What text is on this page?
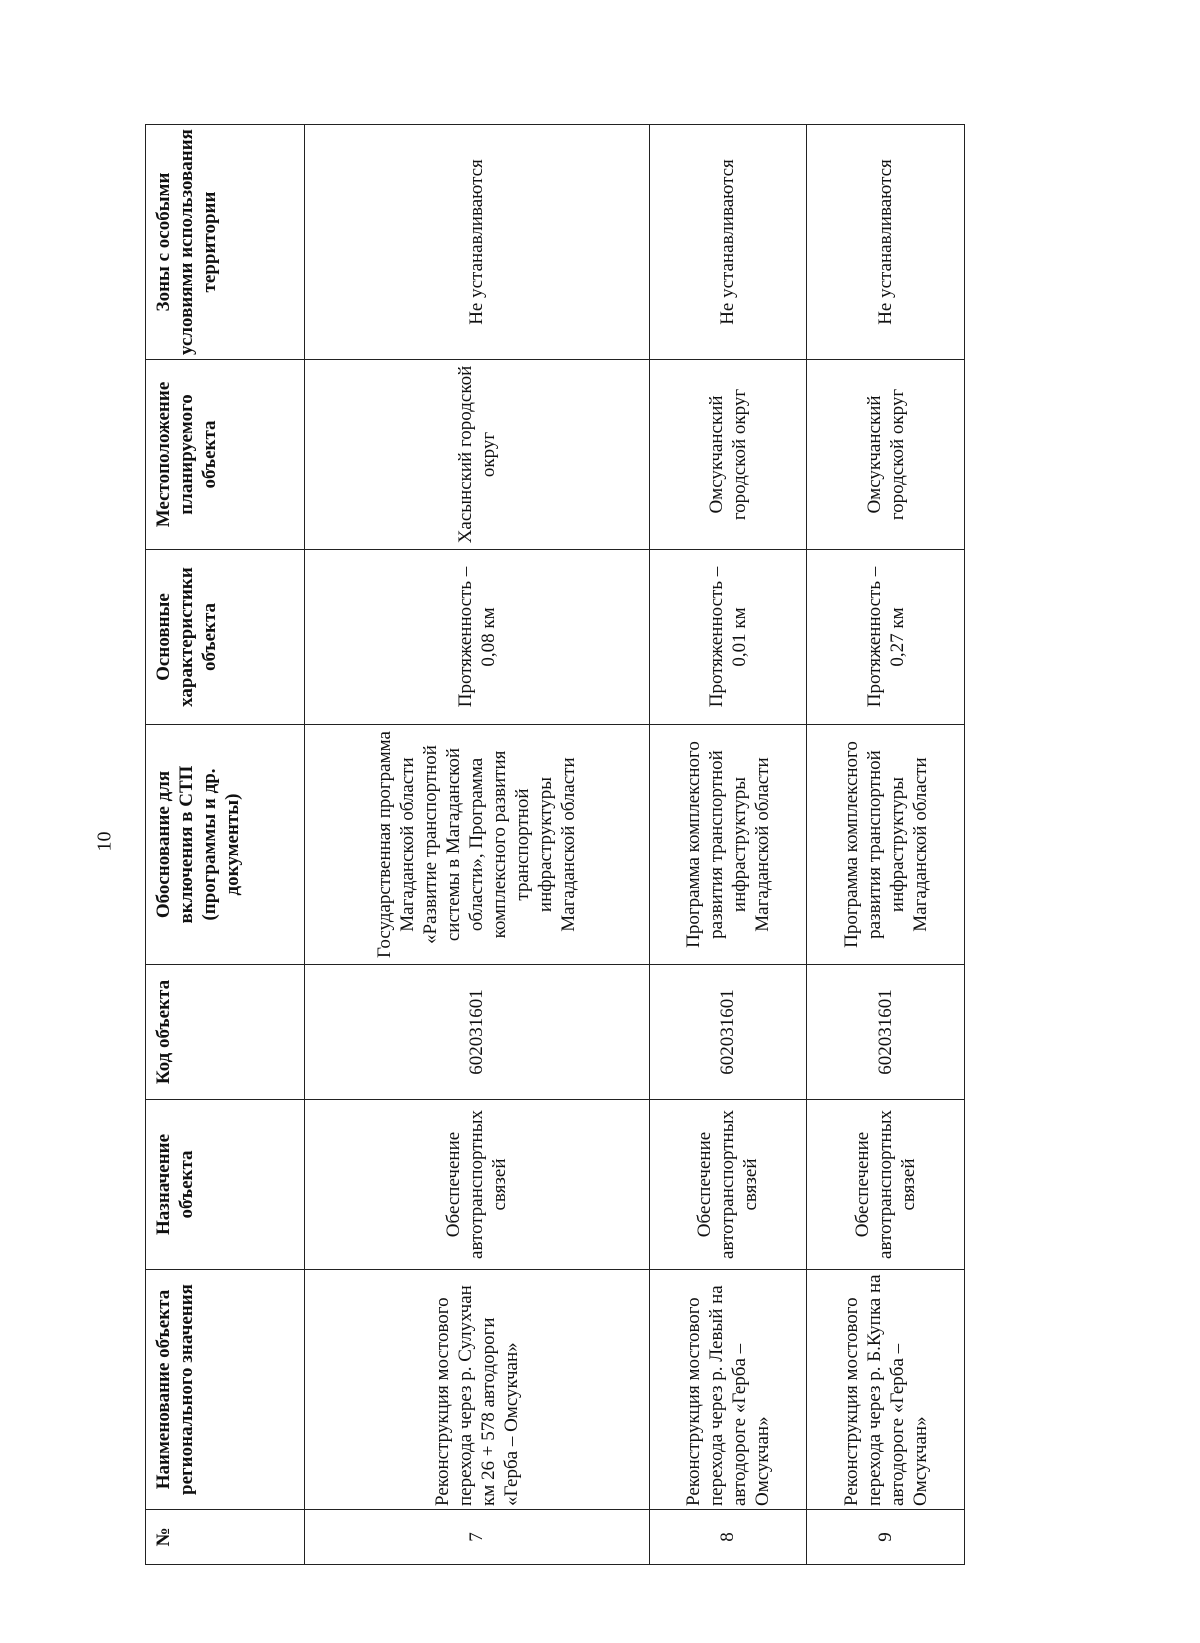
10
№	Наименование объекта регионального значения	Назначение объекта	Код объекта	Обоснование для включения в СТП (программы и др. документы)	Основные характеристики объекта	Местоположение планируемого объекта	Зоны с особыми условиями использования территории
7	Реконструкция мостового перехода через р. Сулухчан км 26 + 578 автодороги «Герба – Омсукчан»	Обеспечение автотранспортных связей	602031601	Государственная программа Магаданской области «Развитие транспортной системы в Магаданской области», Программа комплексного развития транспортной инфраструктуры Магаданской области	Протяженность – 0,08 км	Хасынский городской округ	Не устанавливаются
8	Реконструкция мостового перехода через р. Левый на автодороге «Герба – Омсукчан»	Обеспечение автотранспортных связей	602031601	Программа комплексного развития транспортной инфраструктуры Магаданской области	Протяженность – 0,01 км	Омсукчанский городской округ	Не устанавливаются
9	Реконструкция мостового перехода через р. Б.Купка на автодороге «Герба – Омсукчан»	Обеспечение автотранспортных связей	602031601	Программа комплексного развития транспортной инфраструктуры Магаданской области	Протяженность – 0,27 км	Омсукчанский городской округ	Не устанавливаются
